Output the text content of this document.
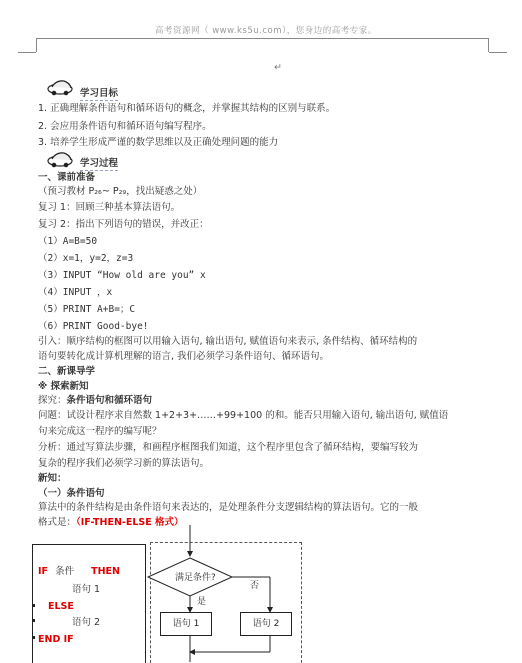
高考资源网（ www.ks5u.com），您身边的高考专家。
↵
学习目标
1. 正确理解条件语句和循环语句的概念，并掌握其结构的区别与联系。
2. 会应用条件语句和循环语句编写程序。
3. 培养学生形成严谨的数学思维以及正确处理问题的能力
学习过程
一、课前准备
（预习教材 P₂₆~ P₂₉，找出疑惑之处）
复习 1：回顾三种基本算法语句。
复习 2：指出下列语句的错误，并改正：
（1）A=B=50
（2）x=1，y=2，z=3
（3）INPUT “How old are you” x
（4）INPUT ，x
（5）PRINT A+B=；C
（6）PRINT Good-bye!
引入：顺序结构的框图可以用输入语句, 输出语句, 赋值语句来表示, 条件结构、循环结构的
语句要转化成计算机理解的语言, 我们必须学习条件语句、循环语句。
二、新课导学
※ 探索新知
探究：条件语句和循环语句
问题：试设计程序求自然数 1+2+3+……+99+100 的和。能否只用输入语句, 输出语句, 赋值语
句来完成这一程序的编写呢？
分析：通过写算法步骤，和画程序框图我们知道，这个程序里包含了循环结构，要编写较为
复杂的程序我们必须学习新的算法语句。
新知：
（一）条件语句
算法中的条件结构是由条件语句来表达的，是处理条件分支逻辑结构的算法语句。它的一般
格式是：（IF-THEN-ELSE 格式）
IF 条件 THEN
语句 1
ELSE
语句 2
END IF
满足条件?
否
是
语句 1	语句 2
